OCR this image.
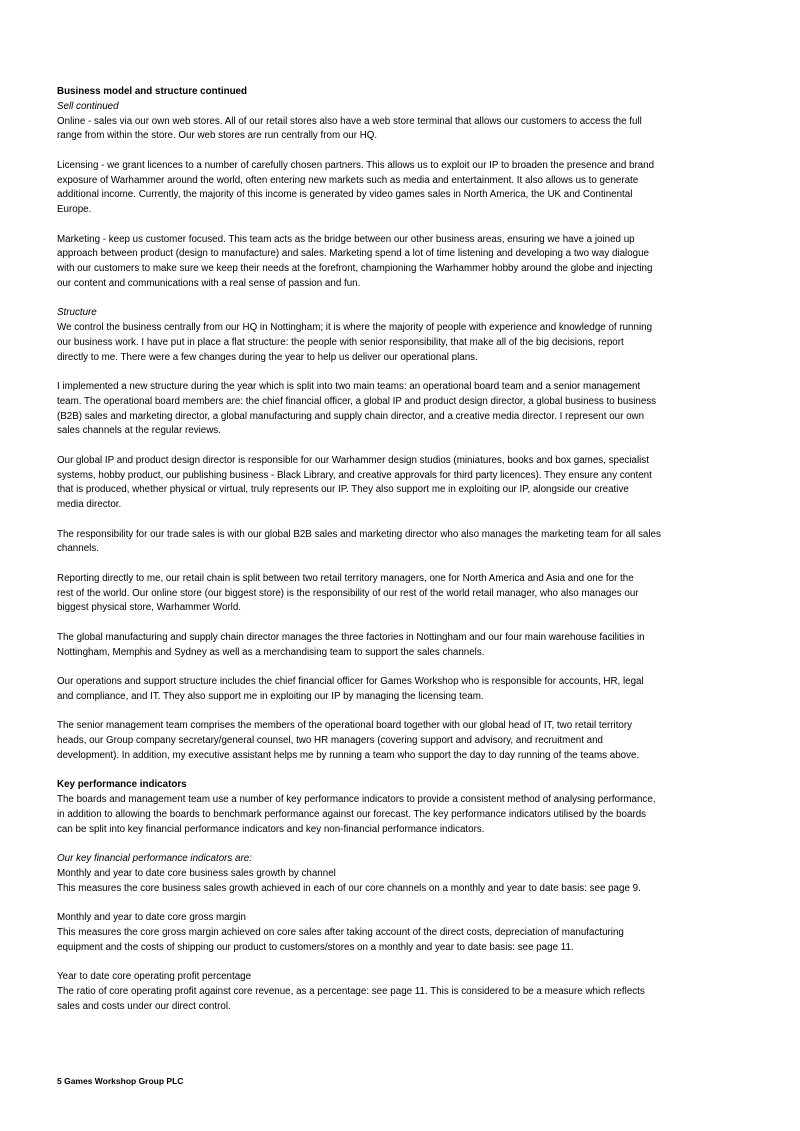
Business model and structure continued
Sell continued
Online - sales via our own web stores. All of our retail stores also have a web store terminal that allows our customers to access the full
range from within the store. Our web stores are run centrally from our HQ.
Licensing - we grant licences to a number of carefully chosen partners. This allows us to exploit our IP to broaden the presence and brand
exposure of Warhammer around the world, often entering new markets such as media and entertainment. It also allows us to generate
additional income. Currently, the majority of this income is generated by video games sales in North America, the UK and Continental
Europe.
Marketing - keep us customer focused. This team acts as the bridge between our other business areas, ensuring we have a joined up
approach between product (design to manufacture) and sales. Marketing spend a lot of time listening and developing a two way dialogue
with our customers to make sure we keep their needs at the forefront, championing the Warhammer hobby around the globe and injecting
our content and communications with a real sense of passion and fun.
Structure
We control the business centrally from our HQ in Nottingham; it is where the majority of people with experience and knowledge of running
our business work. I have put in place a flat structure: the people with senior responsibility, that make all of the big decisions, report
directly to me. There were a few changes during the year to help us deliver our operational plans.
I implemented a new structure during the year which is split into two main teams: an operational board team and a senior management
team. The operational board members are: the chief financial officer, a global IP and product design director, a global business to business
(B2B) sales and marketing director, a global manufacturing and supply chain director, and a creative media director. I represent our own
sales channels at the regular reviews.
Our global IP and product design director is responsible for our Warhammer design studios (miniatures, books and box games, specialist
systems, hobby product, our publishing business - Black Library, and creative approvals for third party licences). They ensure any content
that is produced, whether physical or virtual, truly represents our IP. They also support me in exploiting our IP, alongside our creative
media director.
The responsibility for our trade sales is with our global B2B sales and marketing director who also manages the marketing team for all sales
channels.
Reporting directly to me, our retail chain is split between two retail territory managers, one for North America and Asia and one for the
rest of the world. Our online store (our biggest store) is the responsibility of our rest of the world retail manager, who also manages our
biggest physical store, Warhammer World.
The global manufacturing and supply chain director manages the three factories in Nottingham and our four main warehouse facilities in
Nottingham, Memphis and Sydney as well as a merchandising team to support the sales channels.
Our operations and support structure includes the chief financial officer for Games Workshop who is responsible for accounts, HR, legal
and compliance, and IT. They also support me in exploiting our IP by managing the licensing team.
The senior management team comprises the members of the operational board together with our global head of IT, two retail territory
heads, our Group company secretary/general counsel, two HR managers (covering support and advisory, and recruitment and
development). In addition, my executive assistant helps me by running a team who support the day to day running of the teams above.
Key performance indicators
The boards and management team use a number of key performance indicators to provide a consistent method of analysing performance,
in addition to allowing the boards to benchmark performance against our forecast. The key performance indicators utilised by the boards
can be split into key financial performance indicators and key non-financial performance indicators.
Our key financial performance indicators are:
Monthly and year to date core business sales growth by channel
This measures the core business sales growth achieved in each of our core channels on a monthly and year to date basis: see page 9.
Monthly and year to date core gross margin
This measures the core gross margin achieved on core sales after taking account of the direct costs, depreciation of manufacturing
equipment and the costs of shipping our product to customers/stores on a monthly and year to date basis: see page 11.
Year to date core operating profit percentage
The ratio of core operating profit against core revenue, as a percentage: see page 11. This is considered to be a measure which reflects
sales and costs under our direct control.
5 Games Workshop Group PLC
